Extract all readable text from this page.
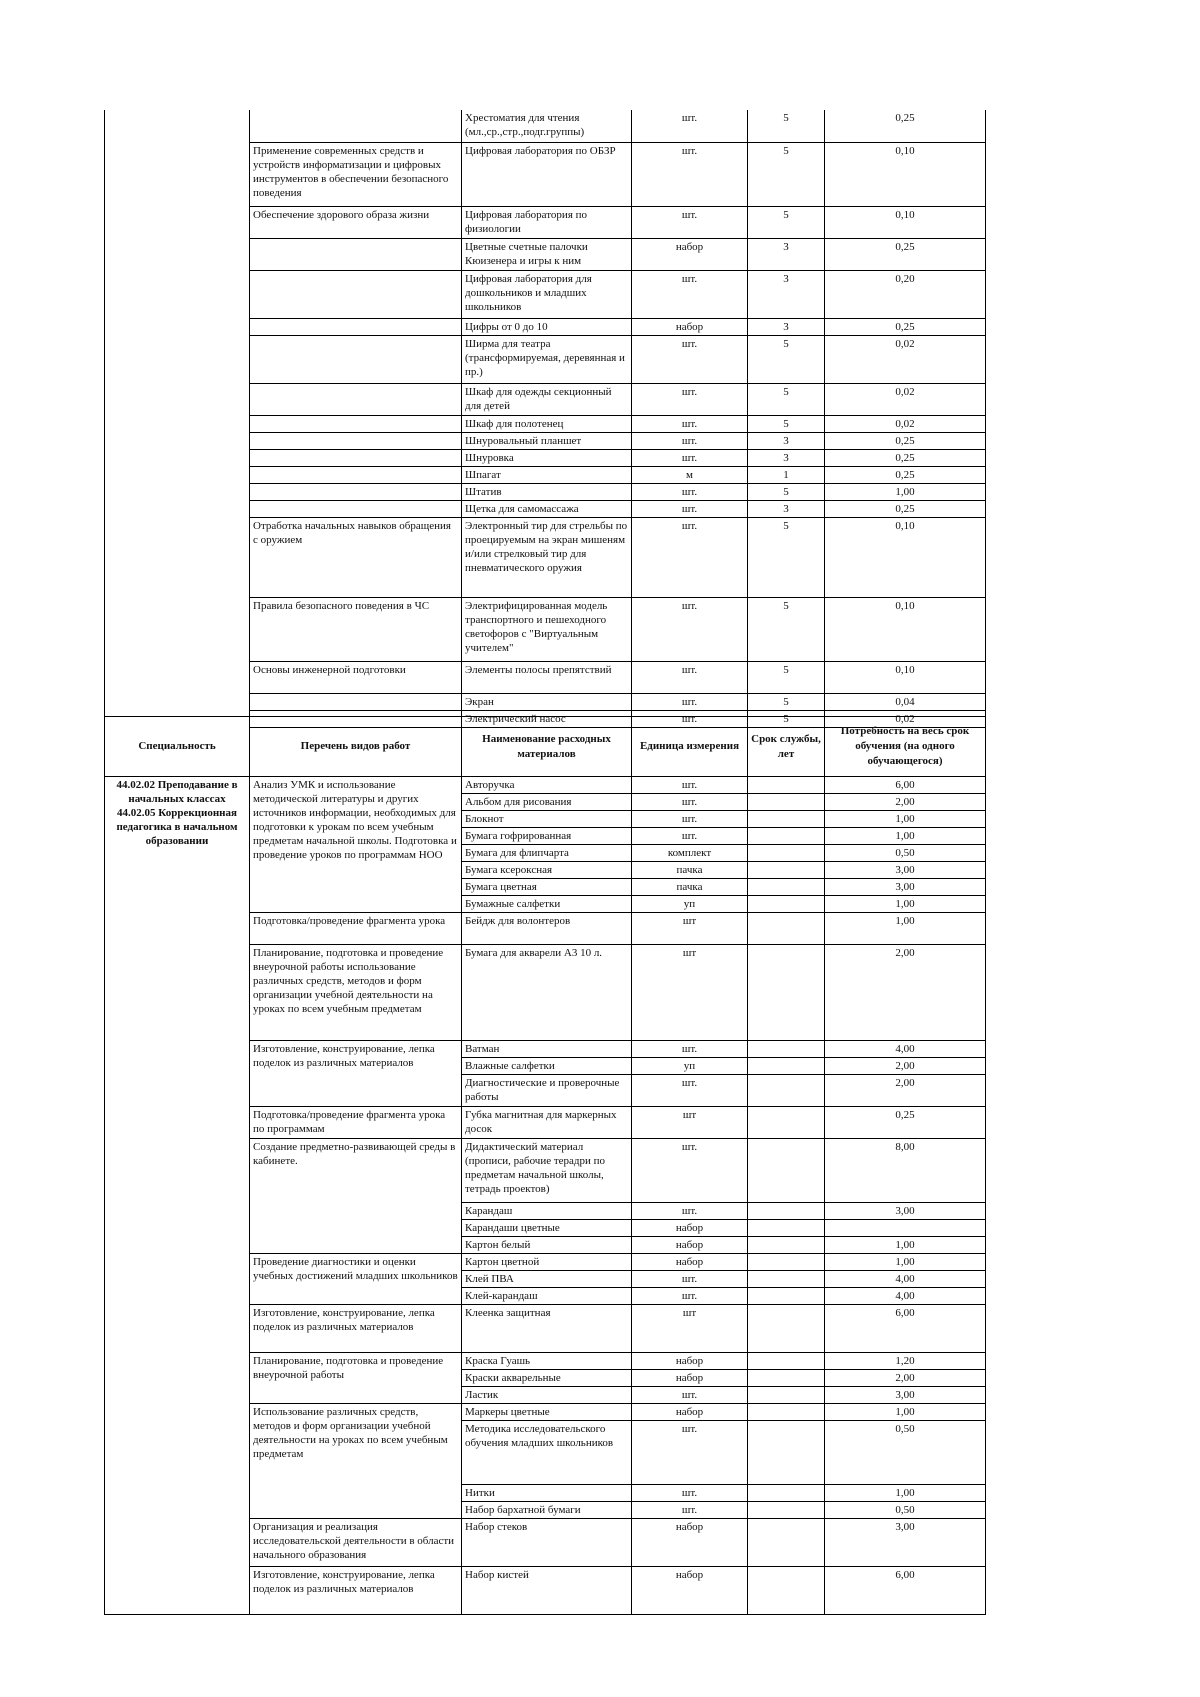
	Хрестоматия для чтения (мл.,ср.,стр.,подг.группы)	шт.	5	0,25
Применение современных средств и устройств информатизации и цифровых инструментов в обеспечении безопасного поведения	Цифровая лаборатория по ОБЗР	шт.	5	0,10
Обеспечение здорового образа жизни	Цифровая лаборатория по физиологии	шт.	5	0,10
	Цветные счетные палочки Кюизенера и игры к ним	набор	3	0,25
	Цифровая лаборатория для дошкольников и младших школьников	шт.	3	0,20
	Цифры от 0 до 10	набор	3	0,25
	Ширма для театра (трансформируемая, деревянная и пр.)	шт.	5	0,02
	Шкаф для одежды секционный для детей	шт.	5	0,02
	Шкаф для полотенец	шт.	5	0,02
	Шнуровальный планшет	шт.	3	0,25
	Шнуровка	шт.	3	0,25
	Шпагат	м	1	0,25
	Штатив	шт.	5	1,00
	Щетка для самомассажа	шт.	3	0,25
Отработка начальных навыков обращения с оружием	Электронный тир для стрельбы по проецируемым на экран мишеням и/или стрелковый тир для пневматического оружия	шт.	5	0,10
Правила безопасного поведения в ЧС	Электрифицированная модель транспортного и пешеходного светофоров с "Виртуальным учителем"	шт.	5	0,10
Основы инженерной подготовки	Элементы полосы препятствий	шт.	5	0,10
	Экран	шт.	5	0,04
	Электрический насос	шт.	5	0,02
Специальность	Перечень видов работ	Наименование расходных материалов	Единица измерения	Срок службы, лет	Потребность на весь срок обучения (на одного обучающегося)
44.02.02 Преподавание в начальных классах 44.02.05 Коррекционная педагогика в начальном образовании	Анализ УМК и использование методической литературы и других источников информации, необходимых для подготовки к урокам по всем учебным предметам начальной школы. Подготовка и проведение уроков по программам НОО	Авторучка	шт.		6,00
		Альбом для рисования	шт.		2,00
		Блокнот	шт.		1,00
		Бумага гофрированная	шт.		1,00
		Бумага для флипчарта	комплект		0,50
		Бумага ксероксная	пачка		3,00
		Бумага цветная	пачка		3,00
		Бумажные салфетки	уп		1,00
	Подготовка/проведение фрагмента урока	Бейдж для волонтеров	шт		1,00
	Планирование, подготовка и проведение внеурочной работы использование различных средств, методов и форм организации учебной деятельности на уроках по всем учебным предметам	Бумага для акварели А3 10 л.	шт		2,00
	Изготовление, конструирование, лепка поделок из различных материалов	Ватман	шт.		4,00
		Влажные салфетки	уп		2,00
		Диагностические и проверочные работы	шт.		2,00
	Подготовка/проведение фрагмента урока по программам	Губка магнитная для маркерных досок	шт		0,25
	Создание предметно-развивающей среды в кабинете.	Дидактический материал (прописи, рабочие терадри по предметам начальной школы, тетрадь проектов)	шт.		8,00
		Карандаш	шт.		3,00
		Карандаши цветные	набор		
		Картон белый	набор		1,00
	Проведение диагностики и оценки учебных достижений младших школьников	Картон цветной	набор		1,00
		Клей ПВА	шт.		4,00
		Клей-карандаш	шт.		4,00
	Изготовление, конструирование, лепка поделок из различных материалов	Клеенка защитная	шт		6,00
	Планирование, подготовка и проведение внеурочной работы	Краска Гуашь	набор		1,20
		Краски акварельные	набор		2,00
		Ластик	шт.		3,00
	Использование различных средств, методов и форм организации учебной деятельности на уроках по всем учебным предметам	Маркеры цветные	набор		1,00
		Методика исследовательского обучения младших школьников	шт.		0,50
		Нитки	шт.		1,00
		Набор бархатной бумаги	шт.		0,50
	Организация и реализация исследовательской деятельности в области начального образования	Набор стеков	набор		3,00
	Изготовление, конструирование, лепка поделок из различных материалов	Набор кистей	набор		6,00
